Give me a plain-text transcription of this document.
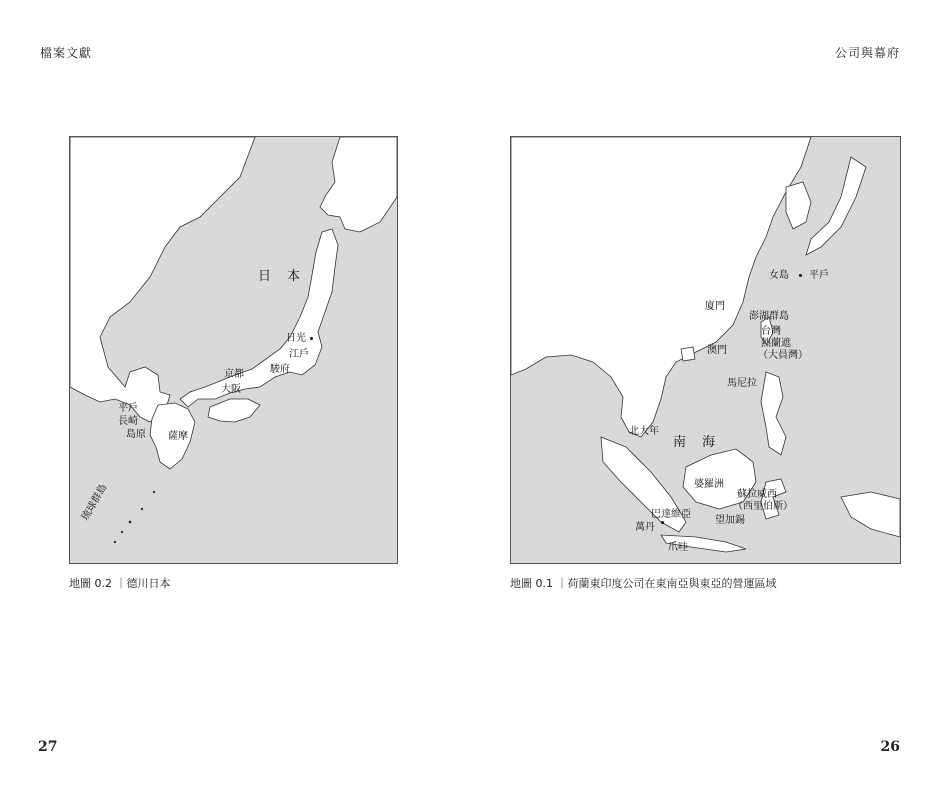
檔案文獻	公司與幕府
日 本
日光
江戶
京都	駿府
大阪
平戶
長崎
島原 薩摩
琉球群島
地圖 0.2 ｜德川日本
女島 平戶
廈門
澎湖群島
台灣
熱蘭遮
（大員灣）
澳門
馬尼拉
北大年
南 海
婆羅洲
蘇拉威西
（西里伯斯）
巴達維亞
望加錫
萬丹
爪哇
地圖 0.1 ｜荷蘭東印度公司在東南亞與東亞的營運區域
27	26
